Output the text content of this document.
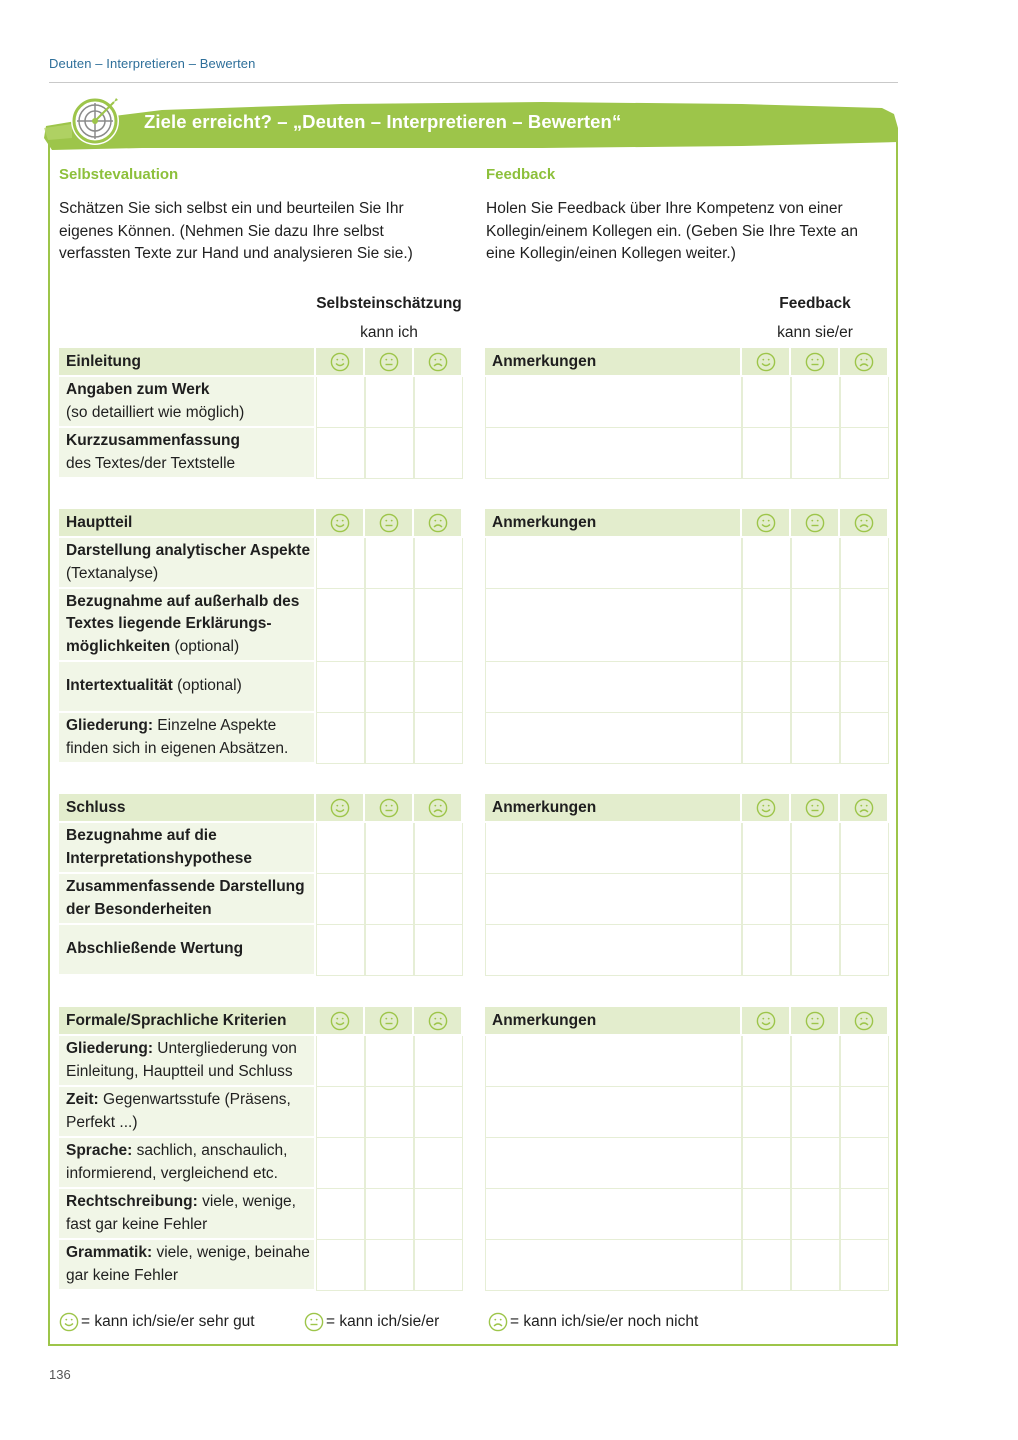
Deuten – Interpretieren – Bewerten
Ziele erreicht? – „Deuten – Interpretieren – Bewerten“
Selbstevaluation
Schätzen Sie sich selbst ein und beurteilen Sie Ihr eigenes Können. (Nehmen Sie dazu Ihre selbst verfassten Texte zur Hand und analysieren Sie sie.)
Feedback
Holen Sie Feedback über Ihre Kompetenz von einer Kollegin/einem Kollegen ein. (Geben Sie Ihre Texte an eine Kollegin/einen Kollegen weiter.)
Selbsteinschätzung
kann ich
Feedback
kann sie/er
Einleitung
Angaben zum Werk
(so detailliert wie möglich)
Kurzzusammenfassung
des Textes/der Textstelle
Anmerkungen
Hauptteil
Darstellung analytischer Aspekte (Textanalyse)
Bezugnahme auf außerhalb des Textes liegende Erklärungs-möglichkeiten (optional)
Intertextualität (optional)
Gliederung: Einzelne Aspekte finden sich in eigenen Absätzen.
Anmerkungen
Schluss
Bezugnahme auf die Interpretationshypothese
Zusammenfassende Darstellung der Besonderheiten
Abschließende Wertung
Anmerkungen
Formale/Sprachliche Kriterien
Gliederung: Untergliederung von Einleitung, Hauptteil und Schluss
Zeit: Gegenwartsstufe (Präsens, Perfekt ...)
Sprache: sachlich, anschaulich, informierend, vergleichend etc.
Rechtschreibung: viele, wenige, fast gar keine Fehler
Grammatik: viele, wenige, beinahe gar keine Fehler
Anmerkungen
= kann ich/sie/er sehr gut	= kann ich/sie/er	= kann ich/sie/er noch nicht
136
